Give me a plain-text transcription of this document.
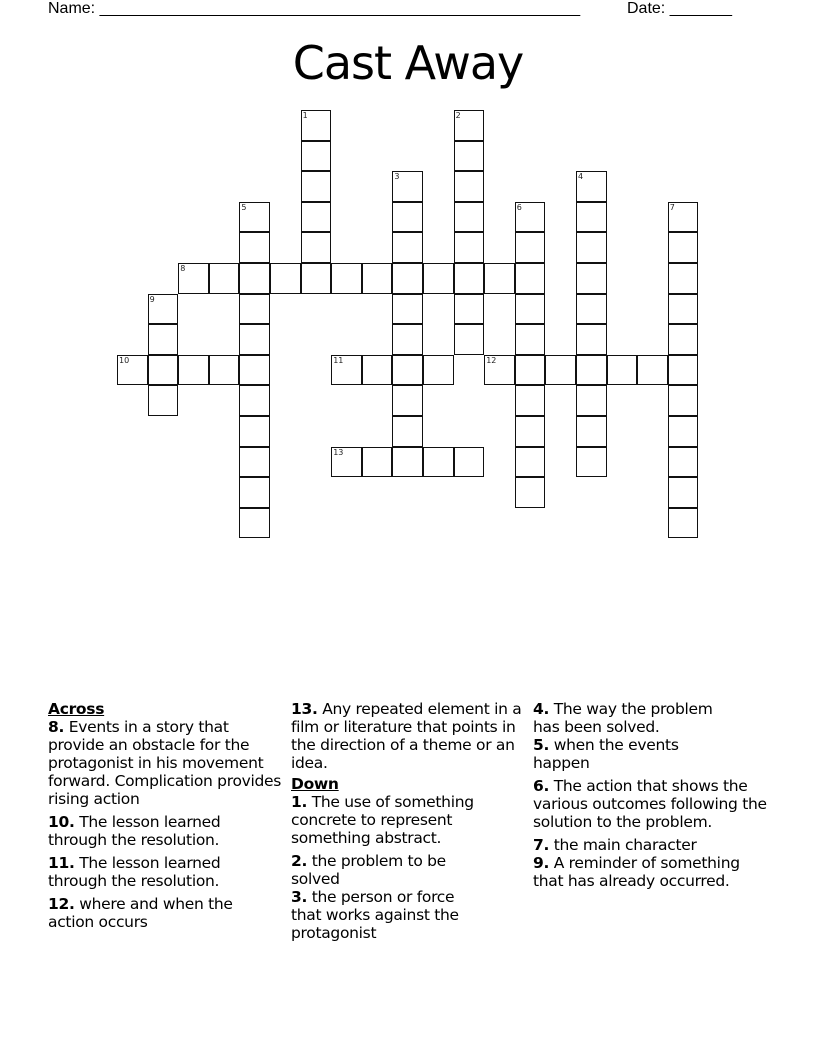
Name: ______________________________________________________	Date: _______
Cast Away
1	2
3	4
5	6	7
8
9
10	11	12
13
Across
8. Events in a story that provide an obstacle for the protagonist in his movement forward. Complication provides rising action
10. The lesson learned through the resolution.
11. The lesson learned through the resolution.
12. where and when the action occurs
13. Any repeated element in a film or literature that points in the direction of a theme or an idea.
Down
1. The use of something concrete to represent something abstract.
2. the problem to be solved
3. the person or force that works against the protagonist
4. The way the problem has been solved.
5. when the events happen
6. The action that shows the various outcomes following the solution to the problem.
7. the main character
9. A reminder of something that has already occurred.
